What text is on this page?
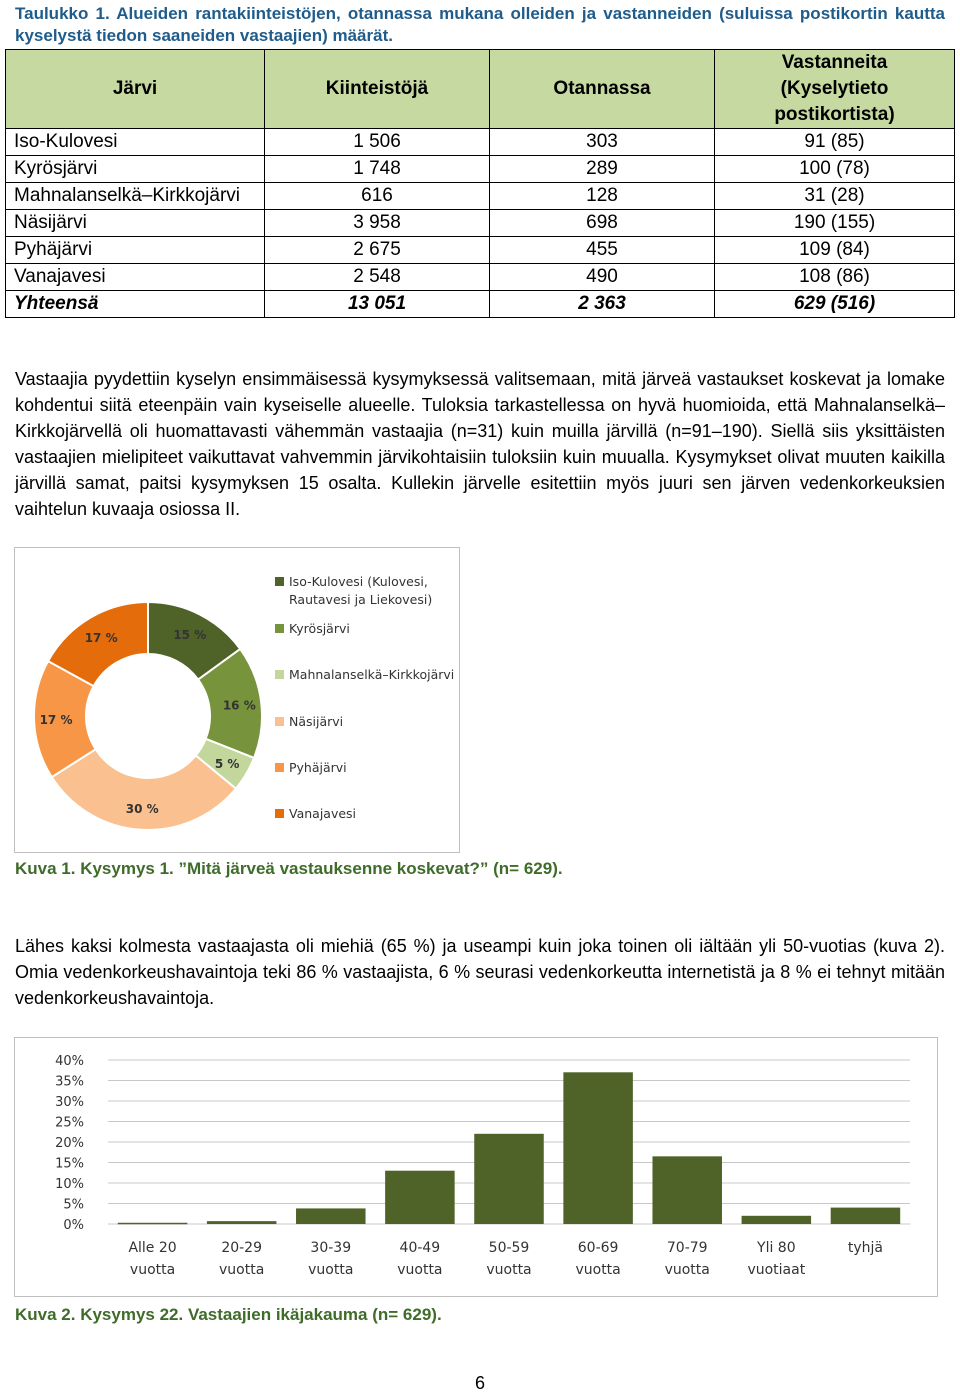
Taulukko 1. Alueiden rantakiinteistöjen, otannassa mukana olleiden ja vastanneiden (suluissa postikortin kautta kyselystä tiedon saaneiden vastaajien) määrät.
Järvi	Kiinteistöjä	Otannassa	Vastanneita (Kyselytieto postikortista)
Iso-Kulovesi	1 506	303	91 (85)
Kyrösjärvi	1 748	289	100 (78)
Mahnalanselkä–Kirkkojärvi	616	128	31 (28)
Näsijärvi	3 958	698	190 (155)
Pyhäjärvi	2 675	455	109 (84)
Vanajavesi	2 548	490	108 (86)
Yhteensä	13 051	2 363	629 (516)
Vastaajia pyydettiin kyselyn ensimmäisessä kysymyksessä valitsemaan, mitä järveä vastaukset koskevat ja lomake kohdentui siitä eteenpäin vain kyseiselle alueelle. Tuloksia tarkastellessa on hyvä huomioida, että Mahnalanselkä–Kirkkojärvellä oli huomattavasti vähemmän vastaajia (n=31) kuin muilla järvillä (n=91–190). Siellä siis yksittäisten vastaajien mielipiteet vaikuttavat vahvemmin järvikohtaisiin tuloksiin kuin muualla. Kysymykset olivat muuten kaikilla järvillä samat, paitsi kysymyksen 15 osalta. Kullekin järvelle esitettiin myös juuri sen järven vedenkorkeuksien vaihtelun kuvaaja osiossa II.
15 %
16 %
5 %
30 %
17 %
17 %
Iso-Kulovesi (Kulovesi,
Rautavesi ja Liekovesi)
Kyrösjärvi
Mahnalanselkä–Kirkkojärvi
Näsijärvi
Pyhäjärvi
Vanajavesi
Kuva 1. Kysymys 1. ”Mitä järveä vastauksenne koskevat?” (n= 629).
Lähes kaksi kolmesta vastaajasta oli miehiä (65 %) ja useampi kuin joka toinen oli iältään yli 50-vuotias (kuva 2). Omia vedenkorkeushavaintoja teki 86 % vastaajista, 6 % seurasi vedenkorkeutta internetistä ja 8 % ei tehnyt mitään vedenkorkeushavaintoja.
0%
5%
10%
15%
20%
25%
30%
35%
40%
Alle 20
vuotta
20-29
vuotta
30-39
vuotta
40-49
vuotta
50-59
vuotta
60-69
vuotta
70-79
vuotta
Yli 80
vuotiaat
tyhjä
Kuva 2. Kysymys 22. Vastaajien ikäjakauma (n= 629).
6
